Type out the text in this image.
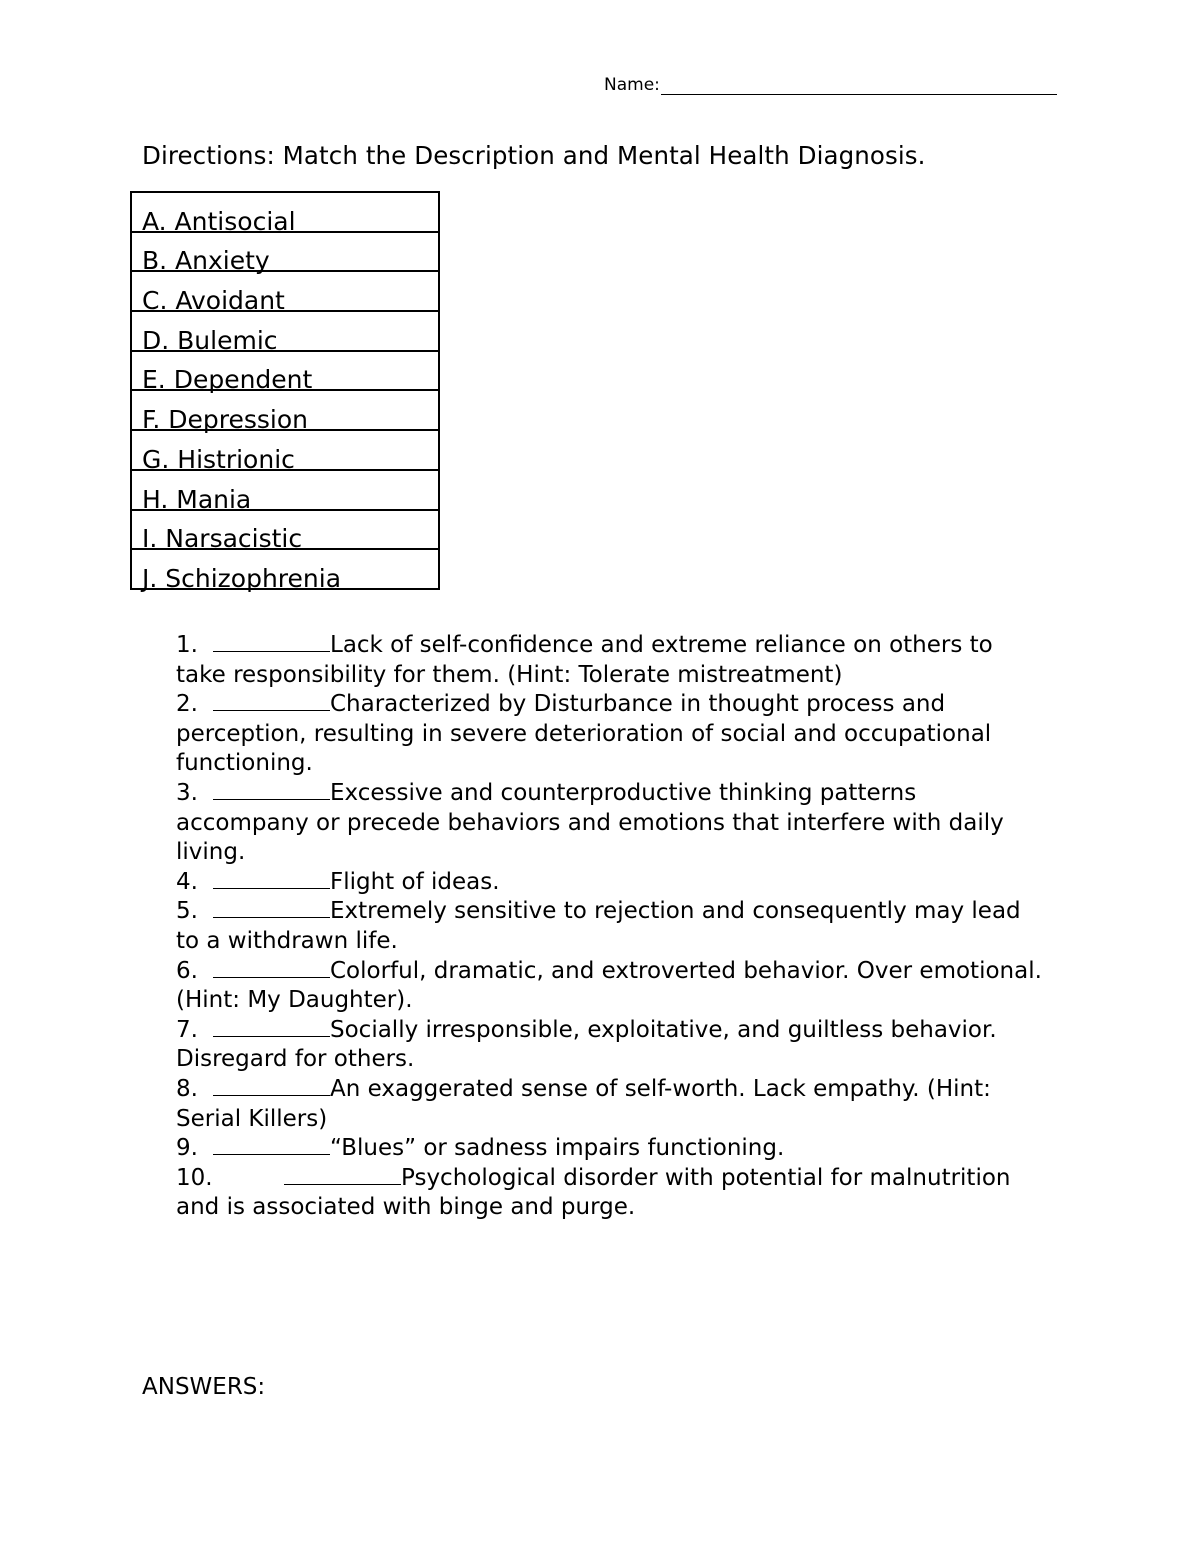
Name:
Directions: Match the Description and Mental Health Diagnosis.
A. Antisocial
B. Anxiety
C. Avoidant
D. Bulemic
E. Dependent
F. Depression
G. Histrionic
H. Mania
I. Narsacistic
J. Schizophrenia
1.	Lack of self-confidence and extreme reliance on others to
take responsibility for them. (Hint: Tolerate mistreatment)
2.	Characterized by Disturbance in thought process and
perception, resulting in severe deterioration of social and occupational
functioning.
3.	Excessive and counterproductive thinking patterns
accompany or precede behaviors and emotions that interfere with daily
living.
4.	Flight of ideas.
5.	Extremely sensitive to rejection and consequently may lead
to a withdrawn life.
6.	Colorful, dramatic, and extroverted behavior. Over emotional.
(Hint: My Daughter).
7.	Socially irresponsible, exploitative, and guiltless behavior.
Disregard for others.
8.	An exaggerated sense of self-worth. Lack empathy. (Hint:
Serial Killers)
9.	“Blues” or sadness impairs functioning.
10.	Psychological disorder with potential for malnutrition
and is associated with binge and purge.
ANSWERS:
